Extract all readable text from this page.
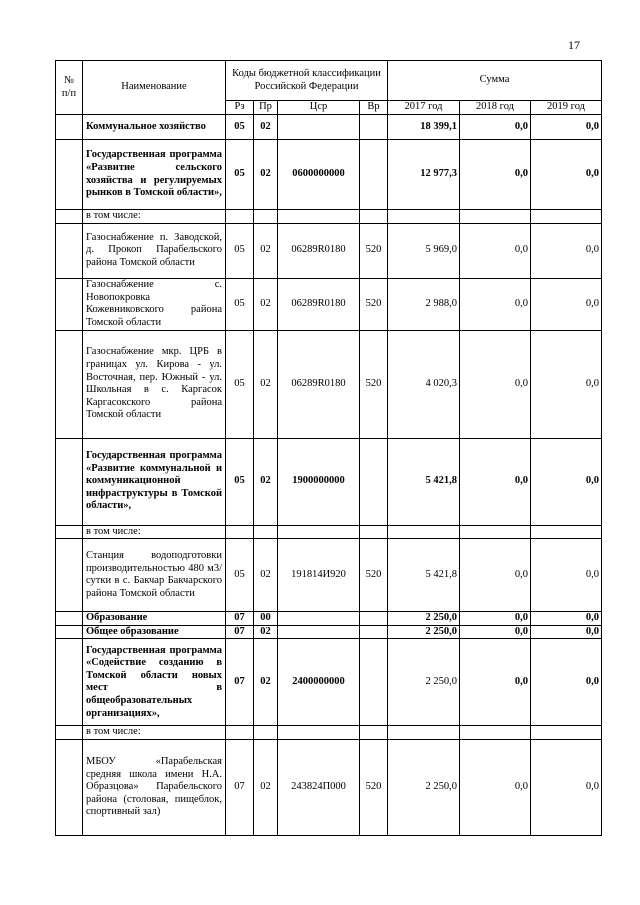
17
№
п/п	Наименование	Коды бюджетной классификации Российской Федерации				Сумма		
		Рз	Пр	Цср	Вр	2017 год	2018 год	2019 год
	Коммунальное хозяйство	05	02			18 399,1	0,0	0,0
	Государственная программа «Развитие сельского хозяйства и регулируемых рынков в Томской области»,	05	02	0600000000		12 977,3	0,0	0,0
	в том числе:							
	Газоснабжение п. Заводской, д. Прокоп Парабельского района Томской области	05	02	06289R0180	520	5 969,0	0,0	0,0
	Газоснабжение с. Новопокровка Кожевниковского района Томской области	05	02	06289R0180	520	2 988,0	0,0	0,0
	Газоснабжение мкр. ЦРБ в границах ул. Кирова - ул. Восточная, пер. Южный - ул. Школьная в с. Каргасок Каргасокского района Томской области	05	02	06289R0180	520	4 020,3	0,0	0,0
	Государственная программа «Развитие коммунальной и коммуникационной инфраструктуры в Томской области»,	05	02	1900000000		5 421,8	0,0	0,0
	в том числе:							
	Станция водоподготовки производительностью 480 м3/сутки в с. Бакчар Бакчарского района Томской области	05	02	191814И920	520	5 421,8	0,0	0,0
	Образование	07	00			2 250,0	0,0	0,0
	Общее образование	07	02			2 250,0	0,0	0,0
	Государственная программа «Содействие созданию в Томской области новых мест в общеобразовательных организациях»,	07	02	2400000000		2 250,0	0,0	0,0
	в том числе:							
	МБОУ «Парабельская средняя школа имени Н.А. Образцова» Парабельского района (столовая, пищеблок, спортивный зал)	07	02	243824П000	520	2 250,0	0,0	0,0
